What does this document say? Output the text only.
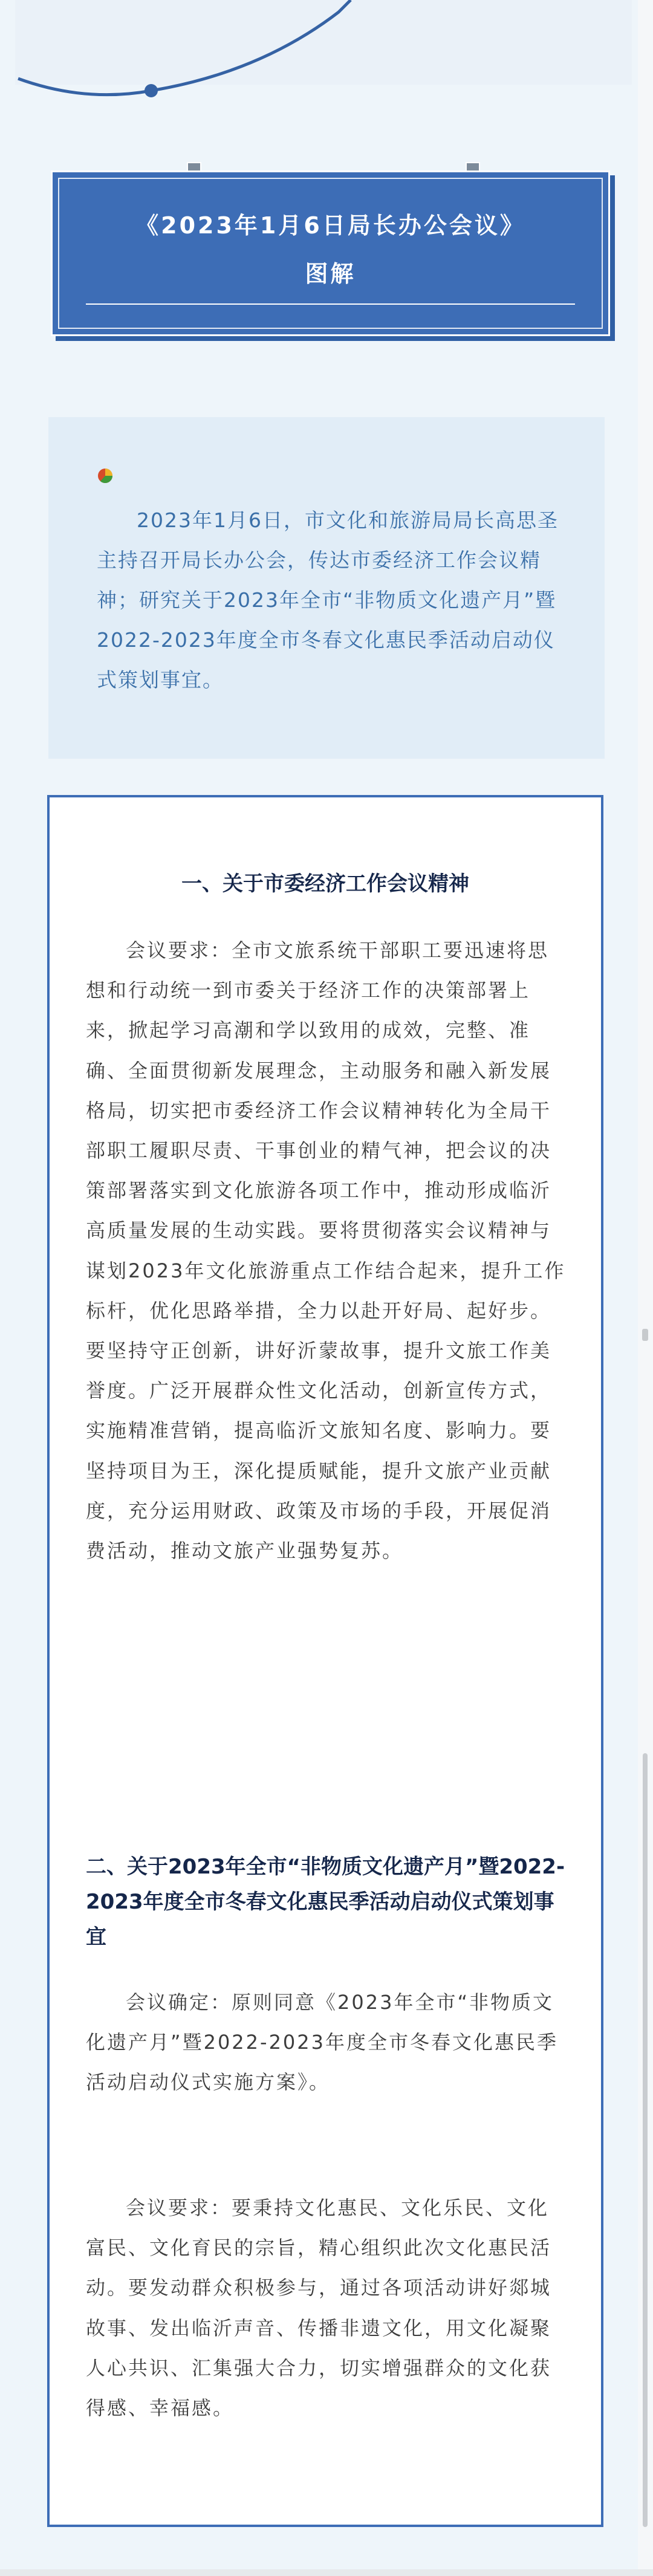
《2023年1月6日局长办公会议》
图解
2023年1月6日，市文化和旅游局局长高思圣主持召开局长办公会，传达市委经济工作会议精神；研究关于2023年全市“非物质文化遗产月”暨2022-2023年度全市冬春文化惠民季活动启动仪式策划事宜。
一、关于市委经济工作会议精神
会议要求：全市文旅系统干部职工要迅速将思想和行动统一到市委关于经济工作的决策部署上来，掀起学习高潮和学以致用的成效，完整、准确、全面贯彻新发展理念，主动服务和融入新发展格局，切实把市委经济工作会议精神转化为全局干部职工履职尽责、干事创业的精气神，把会议的决策部署落实到文化旅游各项工作中，推动形成临沂高质量发展的生动实践。要将贯彻落实会议精神与谋划2023年文化旅游重点工作结合起来，提升工作标杆，优化思路举措，全力以赴开好局、起好步。要坚持守正创新，讲好沂蒙故事，提升文旅工作美誉度。广泛开展群众性文化活动，创新宣传方式，实施精准营销，提高临沂文旅知名度、影响力。要坚持项目为王，深化提质赋能，提升文旅产业贡献度，充分运用财政、政策及市场的手段，开展促消费活动，推动文旅产业强势复苏。
二、关于2023年全市“非物质文化遗产月”暨2022-2023年度全市冬春文化惠民季活动启动仪式策划事宜
会议确定：原则同意《2023年全市“非物质文化遗产月”暨2022-2023年度全市冬春文化惠民季活动启动仪式实施方案》。
会议要求：要秉持文化惠民、文化乐民、文化富民、文化育民的宗旨，精心组织此次文化惠民活动。要发动群众积极参与，通过各项活动讲好郯城故事、发出临沂声音、传播非遗文化，用文化凝聚人心共识、汇集强大合力，切实增强群众的文化获得感、幸福感。
